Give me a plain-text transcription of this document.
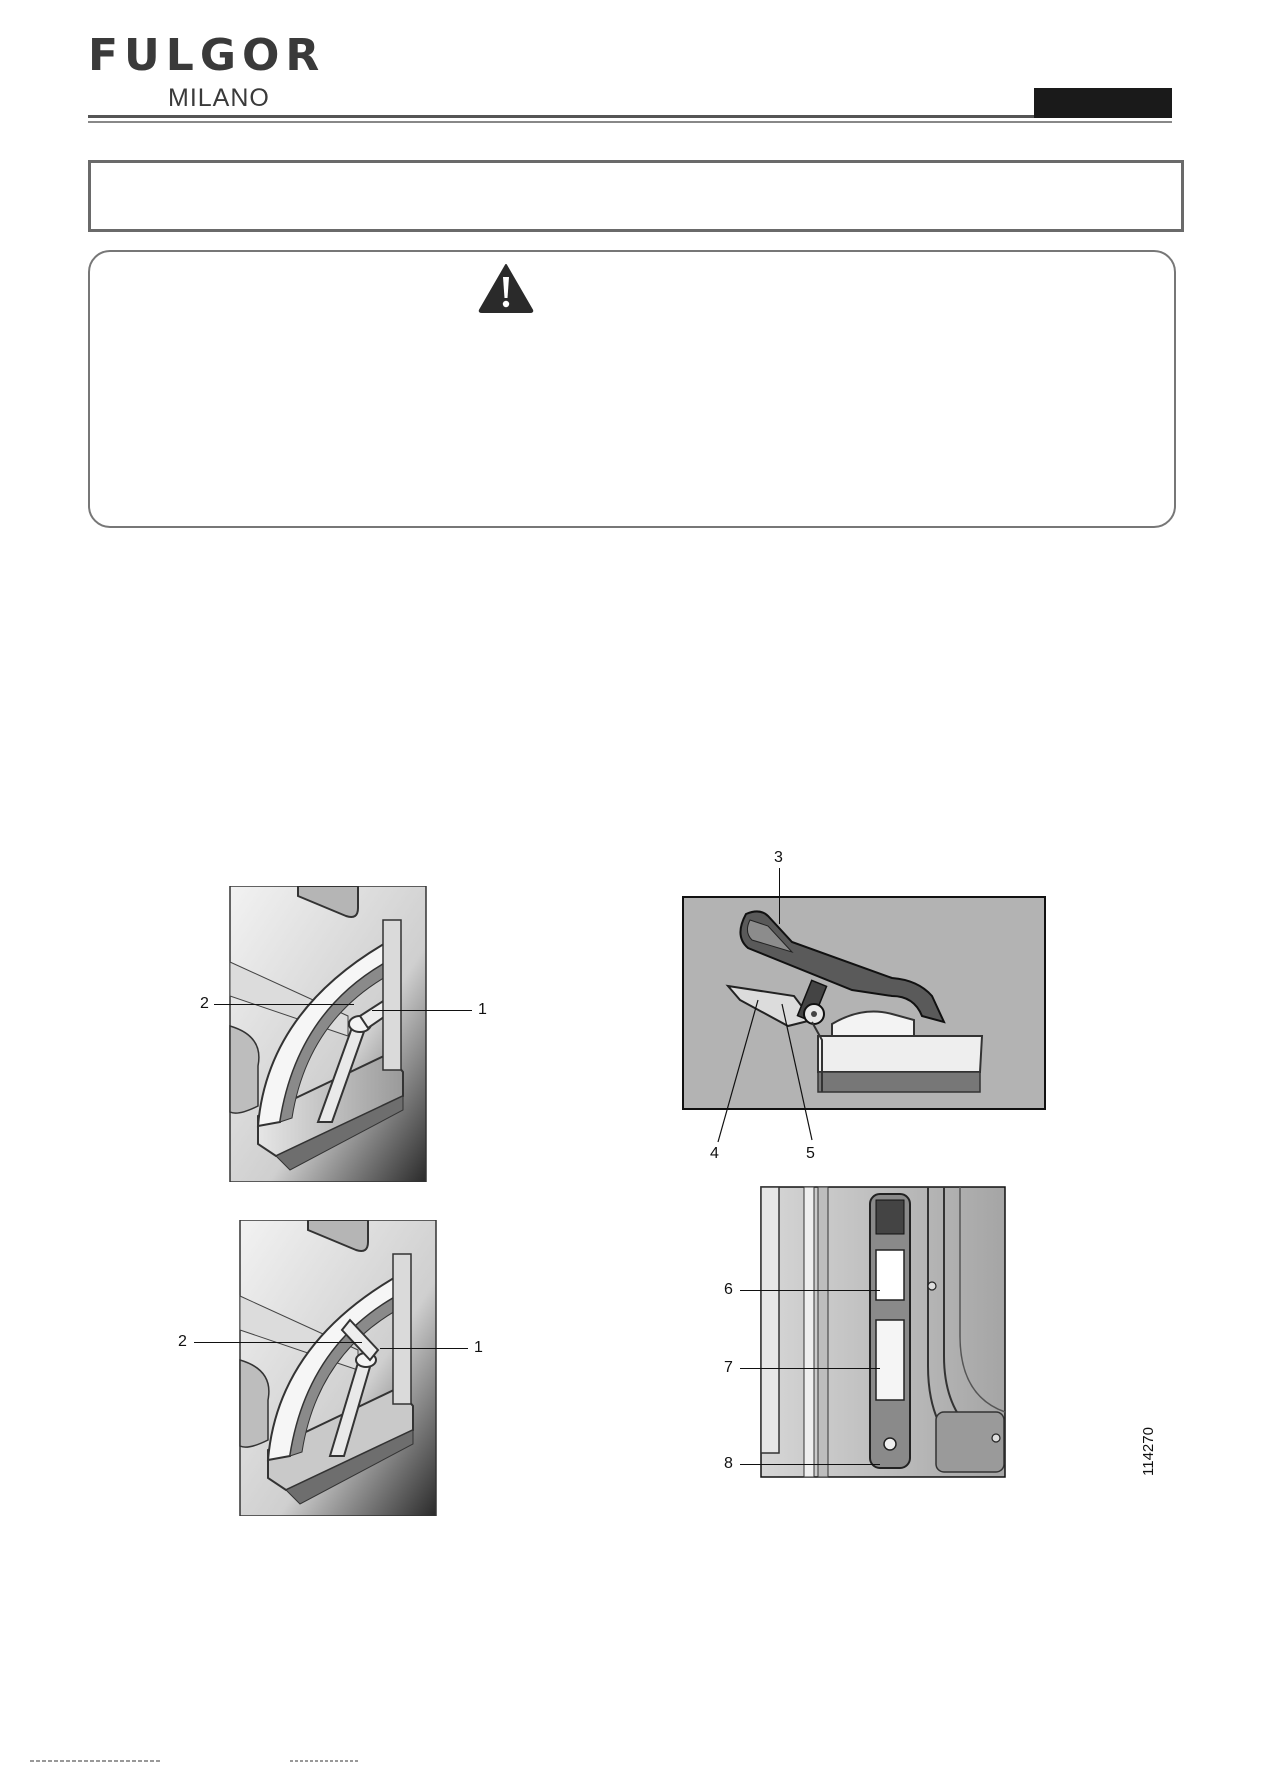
FULGOR
MILANO
2	1
2	1
3
4	5
6
7
8	114270
